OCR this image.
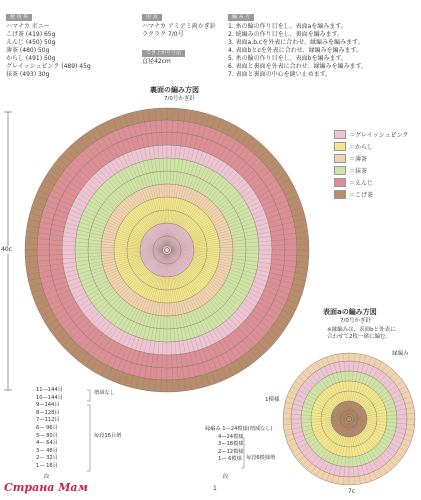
使 用 糸
ハマナカ ボニー
こげ茶 (419) 65g
えんじ (450) 50g
薄茶 (480) 50g
からし (491) 50g
グレイッシュピンク (489) 45g
抹茶 (493) 30g
用 具
ハマナカ アミアミ両かぎ針
ラクラク 7/0号
でき上がり寸法
直径42cm
編 み 方
1. 糸の輪の作り目をし、表面aを編みます。
2. 続編みの作り目をし、裏面を編みます。
3. 表面a,b,cを外表に合わせ、縁編みを編みます。
4. 表面bとcを外表に合わせ、縁編みを編みます。
5. 糸の輪の作り目をし、表面bを編みます。
6. 表面と裏面を外表に合わせ、縁編みを編みます。
7. 表面と裏面の中心を縫い止めます。
裏面の編み方図
7/0号かぎ針
40c
＝グレイッシュピンク
＝からし
＝薄茶
＝抹茶
＝えんじ
＝こげ茶
表面aの編み方図
7/0号かぎ針
※縁編みは、表面bと外表に
合わせて2枚一緒に編む。
縁編み
1模様
7c
11—144目
10—144目
9—144目
8—128目
7—112目
6— 96目
5— 80目
4— 64目
3— 48目
2— 32目
1— 16目
増減なし
毎段16目増
段
縁編み 1—24模様(増減なし)
4—24模様
3—18模様
2—12模様
1— 6模様 毎段6模様増
段
1
Страна Мам
